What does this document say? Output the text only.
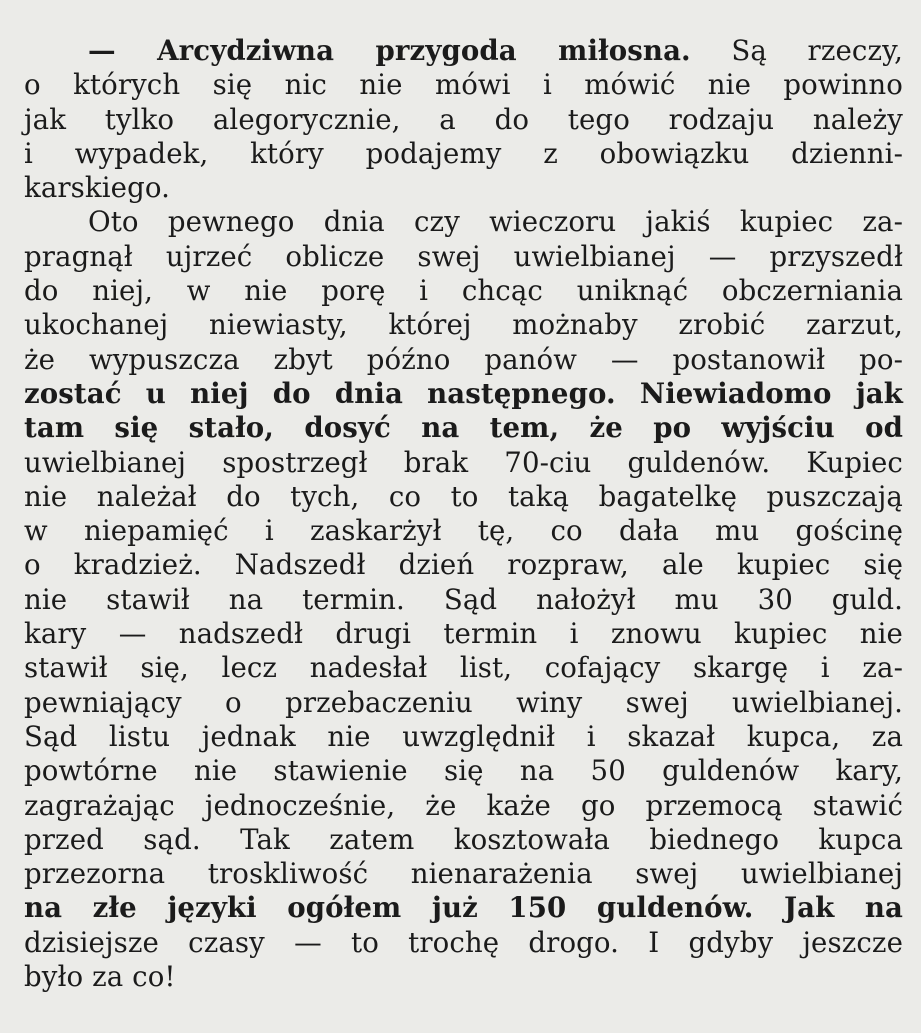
— Arcydziwna przygoda miłosna. Są rzeczy,
o których się nic nie mówi i mówić nie powinno
jak tylko alegorycznie, a do tego rodzaju należy
i wypadek, który podajemy z obowiązku dzienni-
karskiego.

Oto pewnego dnia czy wieczoru jakiś kupiec za-
pragnął ujrzeć oblicze swej uwielbianej — przyszedł
do niej, w nie porę i chcąc uniknąć obczerniania
ukochanej niewiasty, której możnaby zrobić zarzut,
że wypuszcza zbyt późno panów — postanowił po-
zostać u niej do dnia następnego. Niewiadomo jak
tam się stało, dosyć na tem, że po wyjściu od
uwielbianej spostrzegł brak 70-ciu guldenów. Kupiec
nie należał do tych, co to taką bagatelkę puszczają
w niepamięć i zaskarżył tę, co dała mu gościnę
o kradzież. Nadszedł dzień rozpraw, ale kupiec się
nie stawił na termin. Sąd nałożył mu 30 guld.
kary — nadszedł drugi termin i znowu kupiec nie
stawił się, lecz nadesłał list, cofający skargę i za-
pewniający o przebaczeniu winy swej uwielbianej.
Sąd listu jednak nie uwzględnił i skazał kupca, za
powtórne nie stawienie się na 50 guldenów kary,
zagrażając jednocześnie, że każe go przemocą stawić
przed sąd. Tak zatem kosztowała biednego kupca
przezorna troskliwość nienarażenia swej uwielbianej
na złe języki ogółem już 150 guldenów. Jak na
dzisiejsze czasy — to trochę drogo. I gdyby jeszcze
było za co!
